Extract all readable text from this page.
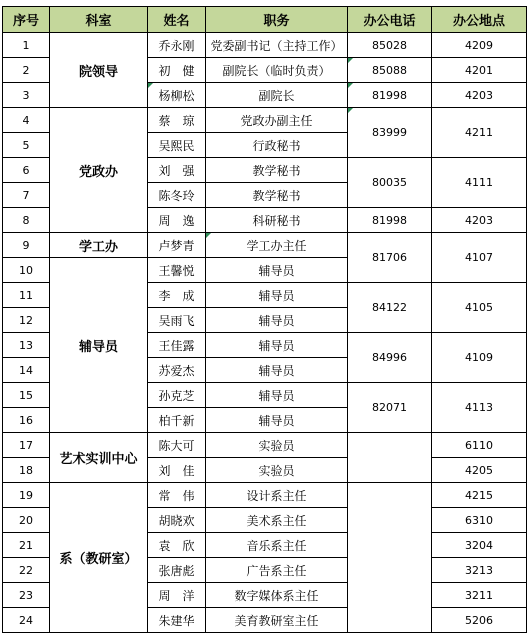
序号	科室	姓名	职务	办公电话	办公地点
1	院领导	乔永刚	党委副书记（主持工作）	85028	4209
2		初　健	副院长（临时负责）	85088	4201
3		杨柳松	副院长	81998	4203
4	党政办	蔡　琼	党政办副主任	83999	4211
5		吴熙民	行政秘书		
6		刘　强	教学秘书	80035	4111
7		陈冬玲	教学秘书		
8		周　逸	科研秘书	81998	4203
9	学工办	卢梦青	学工办主任	81706	4107
10	辅导员	王馨悦	辅导员		
11		李　成	辅导员	84122	4105
12		吴雨飞	辅导员		
13		王佳露	辅导员	84996	4109
14		苏爱杰	辅导员		
15		孙克芝	辅导员	82071	4113
16		柏千新	辅导员		
17	艺术实训中心	陈大可	实验员		6110
18		刘　佳	实验员		4205
19	系（教研室）	常　伟	设计系主任		4215
20		胡晓欢	美术系主任		6310
21		袁　欣	音乐系主任		3204
22		张唐彪	广告系主任		3213
23		周　洋	数字媒体系主任		3211
24		朱建华	美育教研室主任		5206
